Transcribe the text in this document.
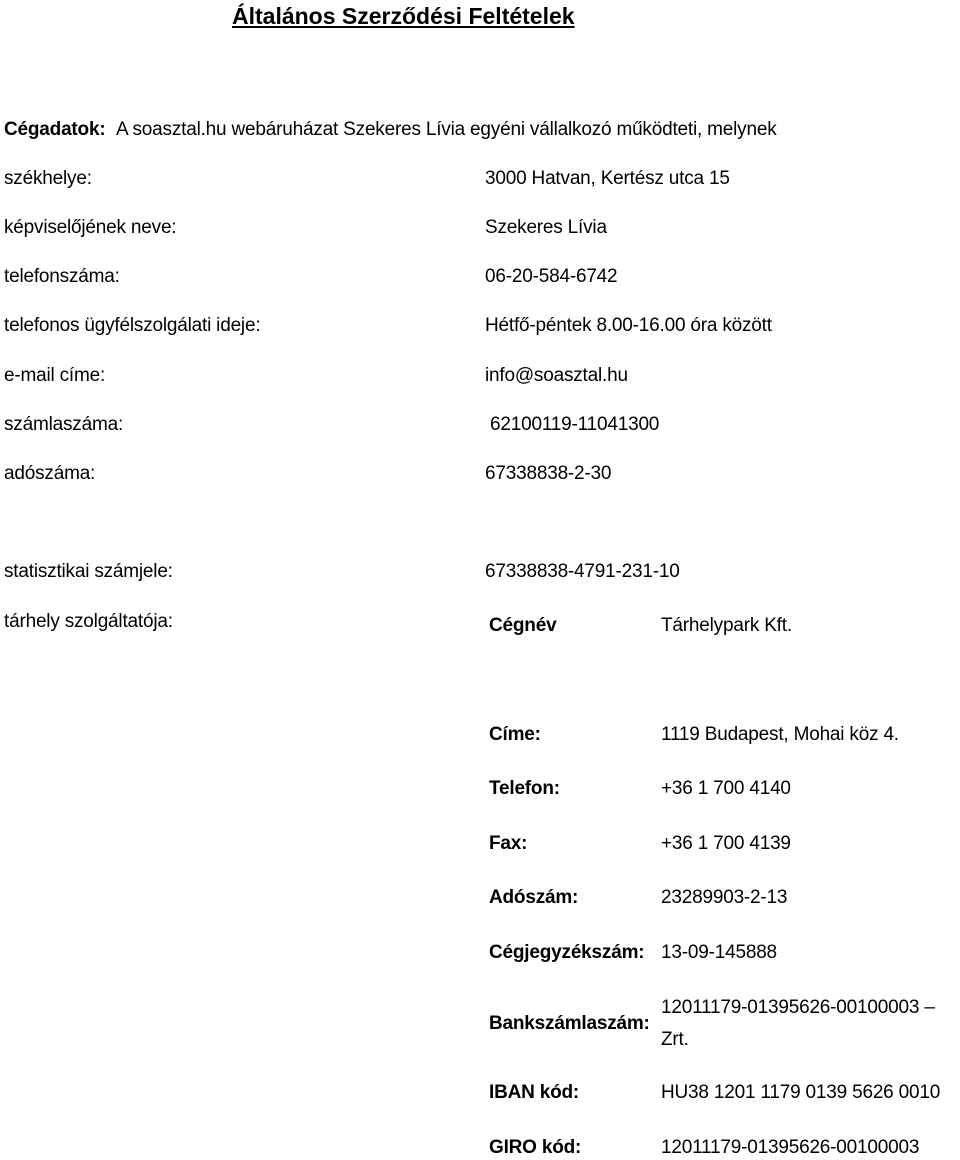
Általános Szerződési Feltételek
Cégadatok: A soasztal.hu webáruházat Szekeres Lívia egyéni vállalkozó működteti, melynek
székhelye:	3000 Hatvan, Kertész utca 15
képviselőjének neve:	Szekeres Lívia
telefonszáma:	06-20-584-6742
telefonos ügyfélszolgálati ideje:	Hétfő-péntek 8.00-16.00 óra között
e-mail címe:	info@soasztal.hu
számlaszáma:	62100119-11041300
adószáma:	67338838-2-30
statisztikai számjele:	67338838-4791-231-10
tárhely szolgáltatója:	Cégnév	Tárhelypark Kft.
Címe:	1119 Budapest, Mohai köz 4.
Telefon:	+36 1 700 4140
Fax:	+36 1 700 4139
Adószám:	23289903-2-13
Cégjegyzékszám: 13-09-145888
Bankszámlaszám:
12011179-01395626-00100003 – Zrt.
IBAN kód:	HU38 1201 1179 0139 5626 0010
GIRO kód:	12011179-01395626-00100003
